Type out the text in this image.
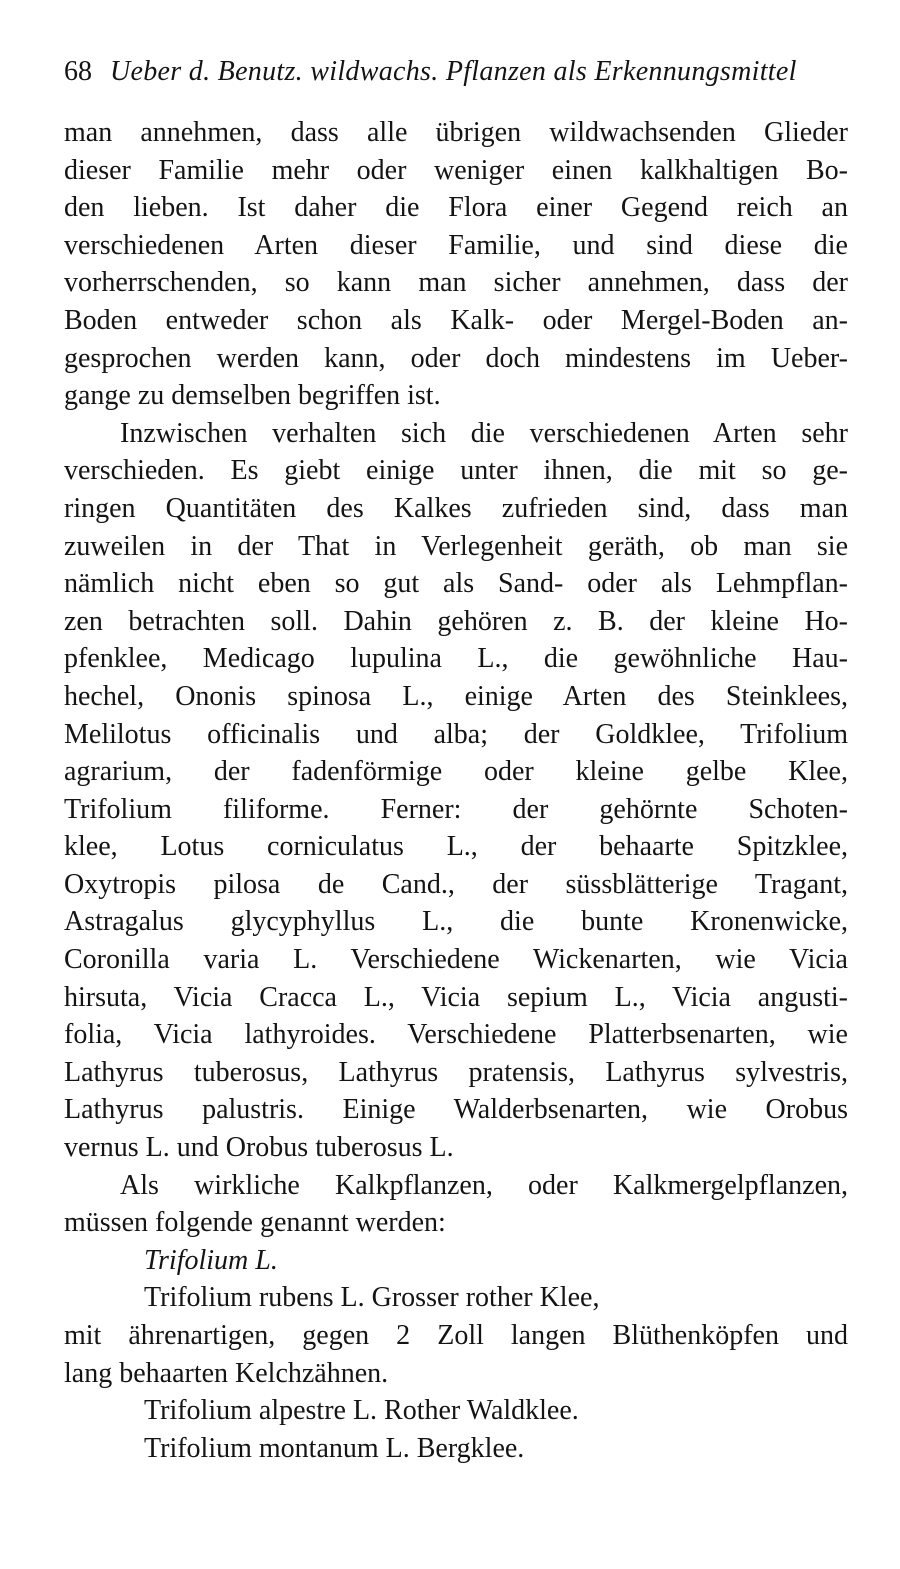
68 Ueber d. Benutz. wildwachs. Pflanzen als Erkennungsmittel
man annehmen, dass alle übrigen wildwachsenden Glieder
dieser Familie mehr oder weniger einen kalkhaltigen Bo-
den lieben. Ist daher die Flora einer Gegend reich an
verschiedenen Arten dieser Familie, und sind diese die
vorherrschenden, so kann man sicher annehmen, dass der
Boden entweder schon als Kalk- oder Mergel-Boden an-
gesprochen werden kann, oder doch mindestens im Ueber-
gange zu demselben begriffen ist.
Inzwischen verhalten sich die verschiedenen Arten sehr
verschieden. Es giebt einige unter ihnen, die mit so ge-
ringen Quantitäten des Kalkes zufrieden sind, dass man
zuweilen in der That in Verlegenheit geräth, ob man sie
nämlich nicht eben so gut als Sand- oder als Lehmpflan-
zen betrachten soll. Dahin gehören z. B. der kleine Ho-
pfenklee, Medicago lupulina L., die gewöhnliche Hau-
hechel, Ononis spinosa L., einige Arten des Steinklees,
Melilotus officinalis und alba; der Goldklee, Trifolium
agrarium, der fadenförmige oder kleine gelbe Klee,
Trifolium filiforme. Ferner: der gehörnte Schoten-
klee, Lotus corniculatus L., der behaarte Spitzklee,
Oxytropis pilosa de Cand., der süssblätterige Tragant,
Astragalus glycyphyllus L., die bunte Kronenwicke,
Coronilla varia L. Verschiedene Wickenarten, wie Vicia
hirsuta, Vicia Cracca L., Vicia sepium L., Vicia angusti-
folia, Vicia lathyroides. Verschiedene Platterbsenarten, wie
Lathyrus tuberosus, Lathyrus pratensis, Lathyrus sylvestris,
Lathyrus palustris. Einige Walderbsenarten, wie Orobus
vernus L. und Orobus tuberosus L.
Als wirkliche Kalkpflanzen, oder Kalkmergelpflanzen,
müssen folgende genannt werden:
Trifolium L.
Trifolium rubens L. Grosser rother Klee,
mit ährenartigen, gegen 2 Zoll langen Blüthenköpfen und
lang behaarten Kelchzähnen.
Trifolium alpestre L. Rother Waldklee.
Trifolium montanum L. Bergklee.
